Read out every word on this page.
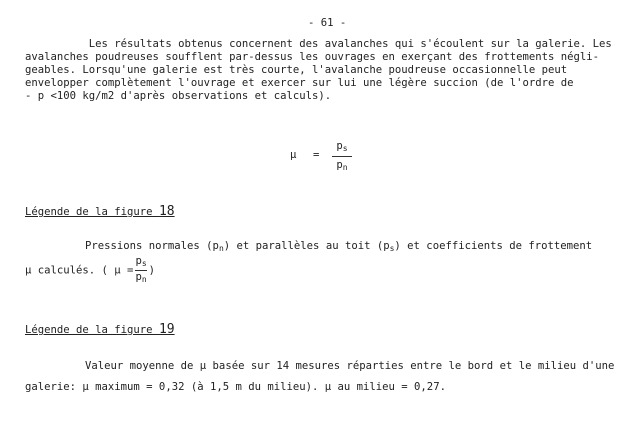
- 61 -
Les résultats obtenus concernent des avalanches qui s'écoulent sur la galerie. Les
avalanches poudreuses soufflent par-dessus les ouvrages en exerçant des frottements négli-
geables. Lorsqu'une galerie est très courte, l'avalanche poudreuse occasionnelle peut
envelopper complètement l'ouvrage et exercer sur lui une légère succion (de l'ordre de
- p <100 kg/m2 d'après observations et calculs).
$\mu = \frac{p_s}{p_n}$
Légende de la figure 18
Pressions normales $(p_n)$ et parallèles au toit $(p_s)$ et coefficients de frottement
μ calculés. ( $\mu = \frac{p_s}{p_n}$ )
Légende de la figure 19
Valeur moyenne de μ basée sur 14 mesures réparties entre le bord et le milieu d'une
galerie: μ maximum = 0,32 (à 1,5 m du milieu). μ au milieu = 0,27.
